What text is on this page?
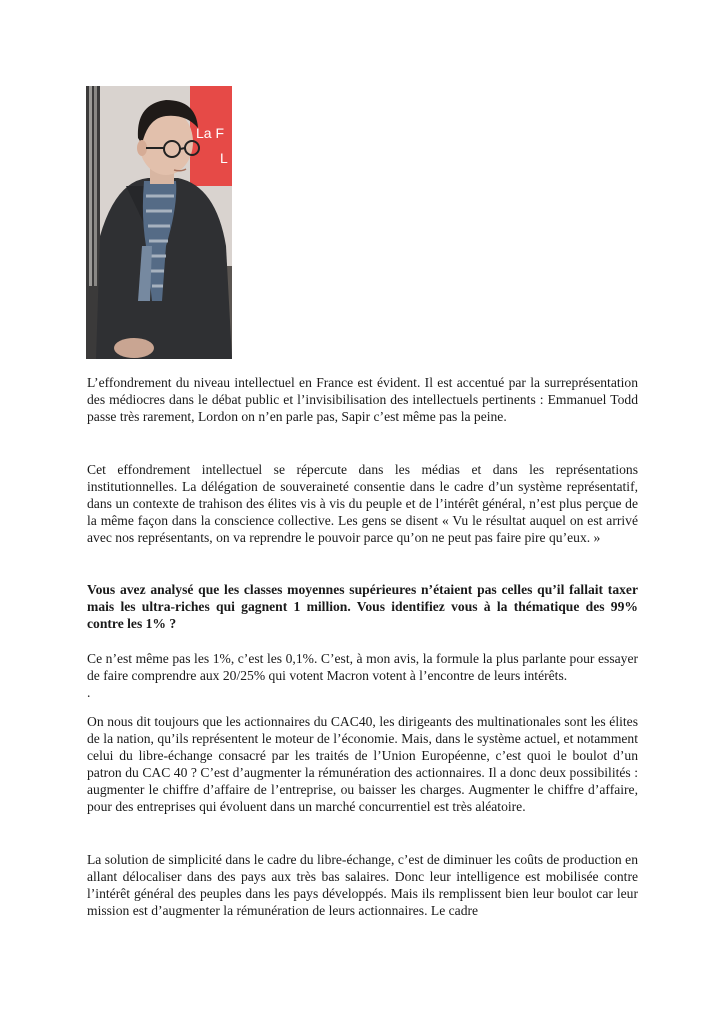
La F
L

L’effondrement du niveau intellectuel en France est évident. Il est accentué par la surreprésentation des médiocres dans le débat public et l’invisibilisation des intellectuels pertinents : Emmanuel Todd passe très rarement, Lordon on n’en parle pas, Sapir c’est même pas la peine.

Cet effondrement intellectuel se répercute dans les médias et dans les représentations institutionnelles. La délégation de souveraineté consentie dans le cadre d’un système représentatif, dans un contexte de trahison des élites vis à vis du peuple et de l’intérêt général, n’est plus perçue de la même façon dans la conscience collective. Les gens se disent « Vu le résultat auquel on est arrivé avec nos représentants, on va reprendre le pouvoir parce qu’on ne peut pas faire pire qu’eux. »

Vous avez analysé que les classes moyennes supérieures n’étaient pas celles qu’il fallait taxer mais les ultra-riches qui gagnent 1 million. Vous identifiez vous à la thématique des 99% contre les 1% ?

Ce n’est même pas les 1%, c’est les 0,1%. C’est, à mon avis, la formule la plus parlante pour essayer de faire comprendre aux 20/25% qui votent Macron votent à l’encontre de leurs intérêts.

.

On nous dit toujours que les actionnaires du CAC40, les dirigeants des multinationales sont les élites de la nation, qu’ils représentent le moteur de l’économie. Mais, dans le système actuel, et notamment celui du libre-échange consacré par les traités de l’Union Européenne, c’est quoi le boulot d’un patron du CAC 40 ? C’est d’augmenter la rémunération des actionnaires. Il a donc deux possibilités : augmenter le chiffre d’affaire de l’entreprise, ou baisser les charges. Augmenter le chiffre d’affaire, pour des entreprises qui évoluent dans un marché concurrentiel est très aléatoire.

La solution de simplicité dans le cadre du libre-échange, c’est de diminuer les coûts de production en allant délocaliser dans des pays aux très bas salaires. Donc leur intelligence est mobilisée contre l’intérêt général des peuples dans les pays développés. Mais ils remplissent bien leur boulot car leur mission est d’augmenter la rémunération de leurs actionnaires. Le cadre
